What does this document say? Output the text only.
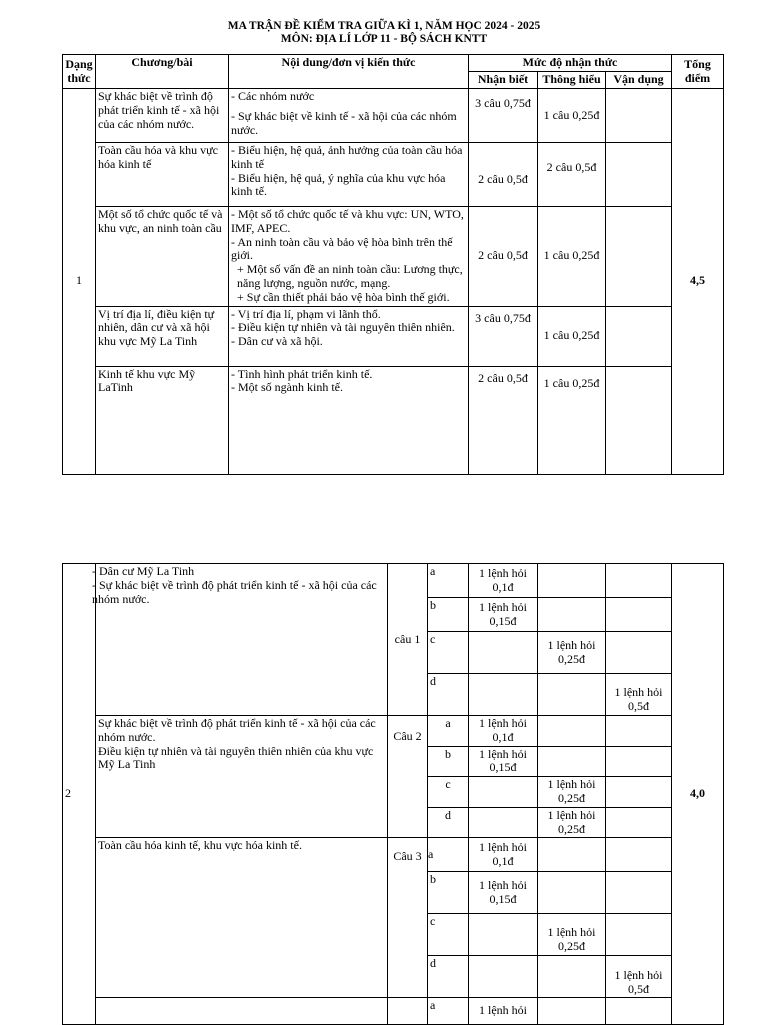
MA TRẬN ĐỀ KIỂM TRA GIỮA KÌ 1, NĂM HỌC 2024 - 2025
MÔN: ĐỊA LÍ LỚP 11 - BỘ SÁCH KNTT
Dạng thức	Chương/bài	Nội dung/đơn vị kiến thức	Mức độ nhận thức			Tổng điểm
			Nhận biết	Thông hiểu	Vận dụng	
1	Sự khác biệt về trình độ phát triển kinh tế - xã hội của các nhóm nước.	- Các nhóm nước
- Sự khác biệt về kinh tế - xã hội của các nhóm nước.	3 câu 0,75đ	1 câu 0,25đ		4,5
	Toàn cầu hóa và khu vực hóa kinh tế	- Biểu hiện, hệ quả, ảnh hưởng của toàn cầu hóa kinh tế
- Biểu hiện, hệ quả, ý nghĩa của khu vực hóa kinh tế.	2 câu 0,5đ	2 câu 0,5đ		
	Một số tổ chức quốc tế và khu vực, an ninh toàn cầu	- Một số tổ chức quốc tế và khu vực: UN, WTO, IMF, APEC.
- An ninh toàn cầu và bảo vệ hòa bình trên thế giới.
+ Một số vấn đề an ninh toàn cầu: Lương thực, năng lượng, nguồn nước, mạng.
+ Sự cần thiết phải bảo vệ hòa bình thế giới.	2 câu 0,5đ	1 câu 0,25đ		
	Vị trí địa lí, điều kiện tự nhiên, dân cư và xã hội khu vực Mỹ La Tinh	- Vị trí địa lí, phạm vi lãnh thổ.
- Điều kiện tự nhiên và tài nguyên thiên nhiên.
- Dân cư và xã hội.	3 câu 0,75đ	1 câu 0,25đ		
	Kinh tế khu vực Mỹ LaTinh	- Tình hình phát triển kinh tế.
- Một số ngành kinh tế.	2 câu 0,5đ	1 câu 0,25đ		
2	- Dân cư Mỹ La Tinh
- Sự khác biệt về trình độ phát triển kinh tế - xã hội của các nhóm nước.	câu 1	a	1 lệnh hỏi 0,1đ			4,0
			b	1 lệnh hỏi 0,15đ			
			c		1 lệnh hỏi 0,25đ		
			d			1 lệnh hỏi 0,5đ	

	Sự khác biệt về trình độ phát triển kinh tế - xã hội của các nhóm nước.
Điều kiện tự nhiên và tài nguyên thiên nhiên của khu vực Mỹ La Tinh	Câu 2	a	1 lệnh hỏi 0,1đ			
			b	1 lệnh hỏi 0,15đ			
			c		1 lệnh hỏi 0,25đ		
			d		1 lệnh hỏi 0,25đ		
	Toàn cầu hóa kinh tế, khu vực hóa kinh tế.	Câu 3	a	1 lệnh hỏi 0,1đ			
			b	1 lệnh hỏi 0,15đ			
			c		1 lệnh hỏi 0,25đ		
			d			1 lệnh hỏi 0,5đ	
			a	1 lệnh hỏi			
